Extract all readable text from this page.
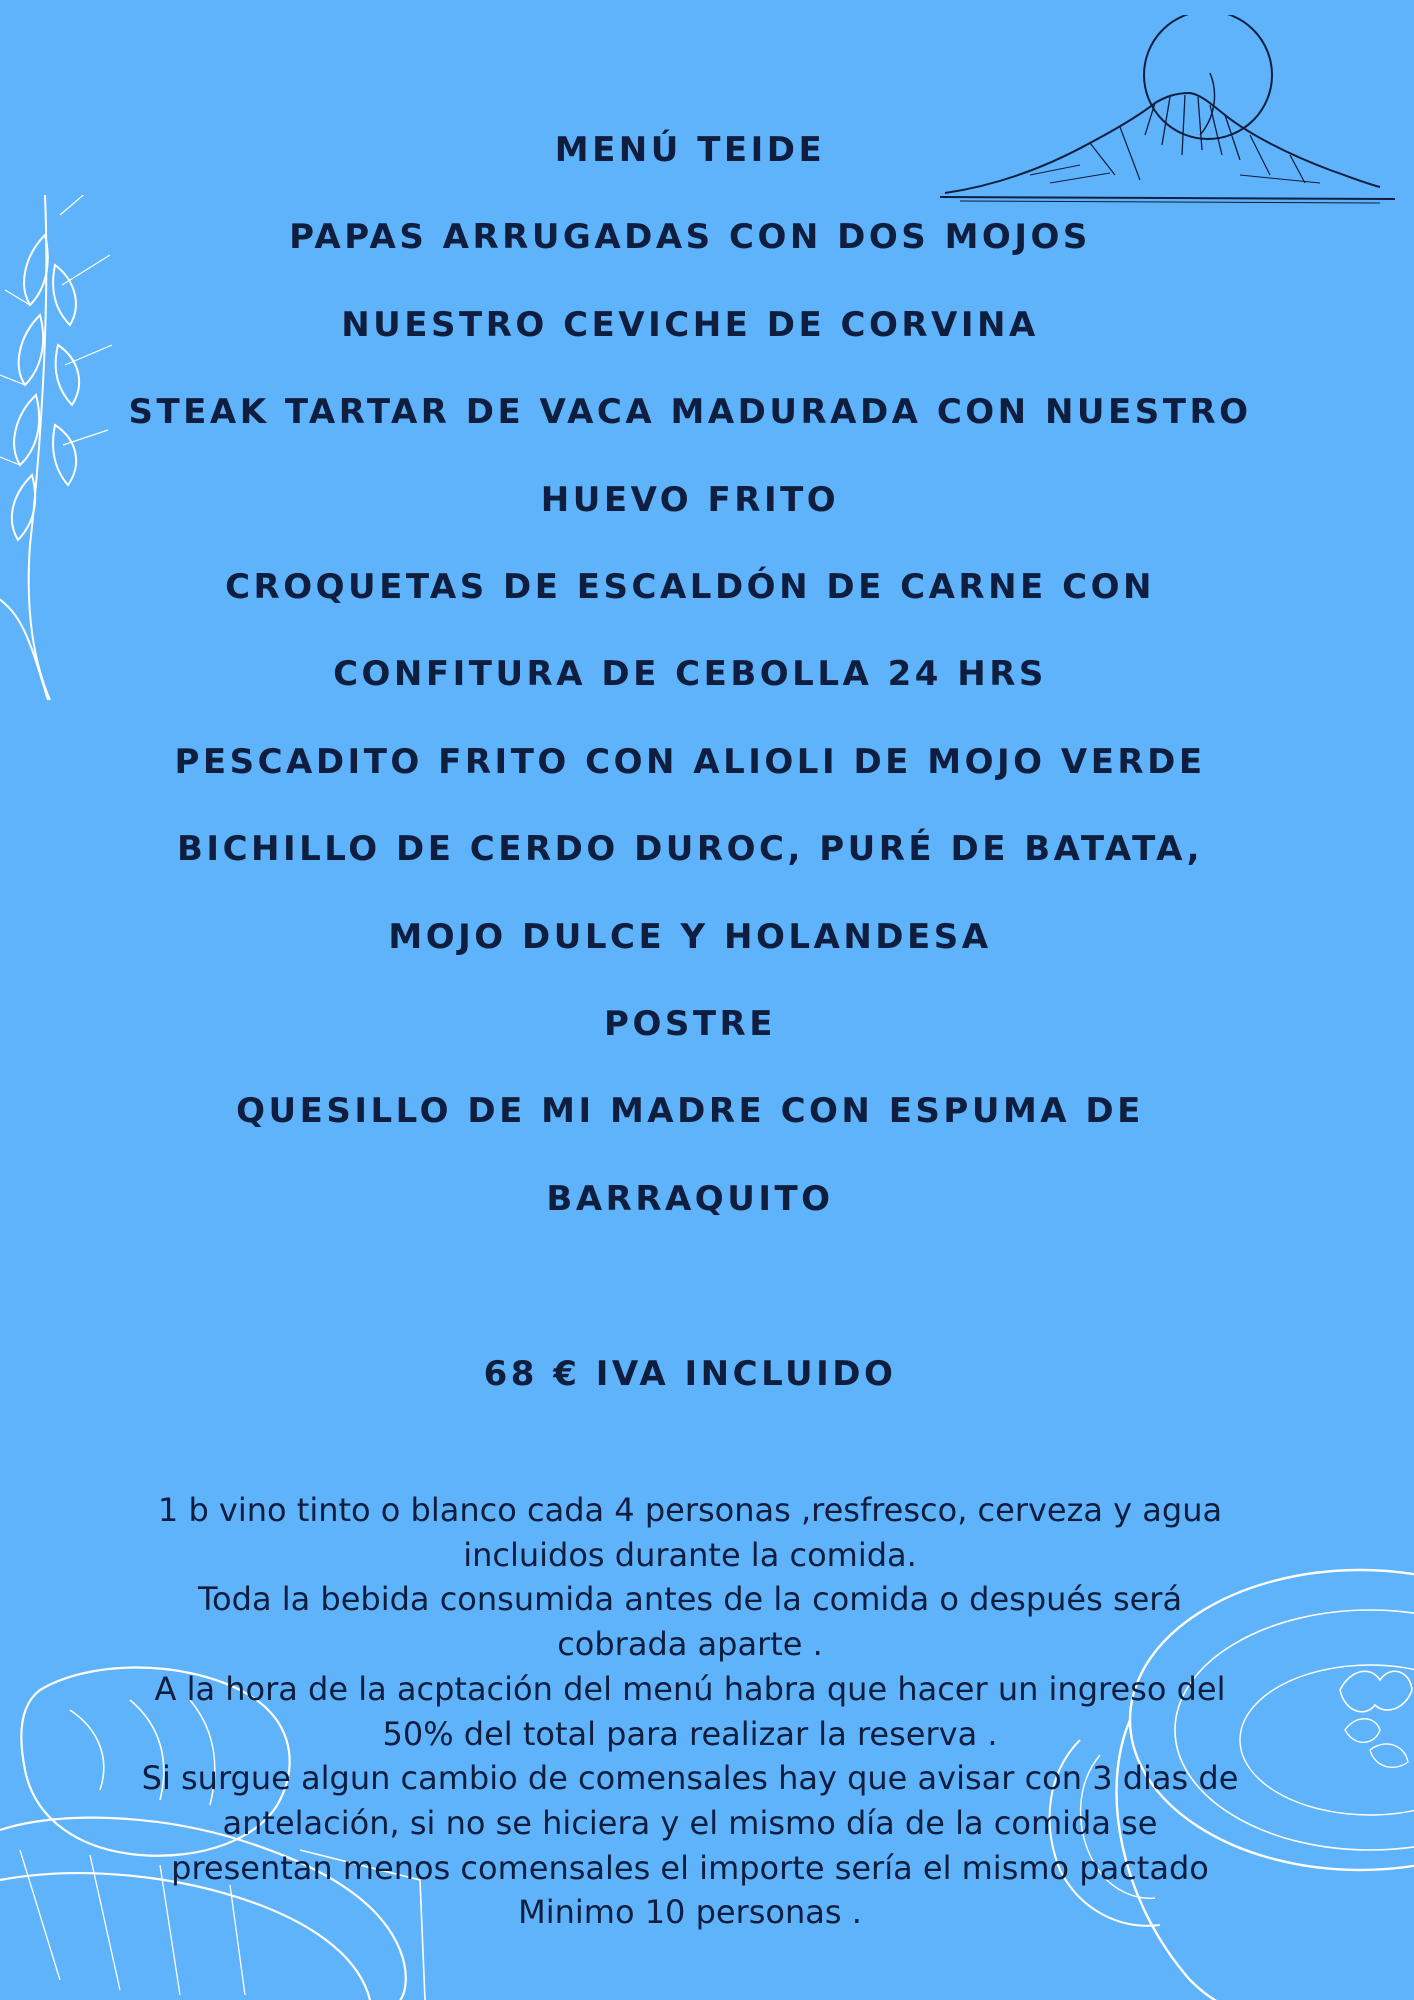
MENÚ TEIDE
PAPAS ARRUGADAS CON DOS MOJOS
NUESTRO CEVICHE DE CORVINA
STEAK TARTAR DE VACA MADURADA CON NUESTRO
HUEVO FRITO
CROQUETAS DE ESCALDÓN DE CARNE CON
CONFITURA DE CEBOLLA 24 HRS
PESCADITO FRITO CON ALIOLI DE MOJO VERDE
BICHILLO DE CERDO DUROC, PURÉ DE BATATA,
MOJO DULCE Y HOLANDESA
POSTRE
QUESILLO DE MI MADRE CON ESPUMA DE
BARRAQUITO
68 € IVA INCLUIDO

1 b vino tinto o blanco cada 4 personas ,resfresco, cerveza y agua incluidos durante la comida.

Toda la bebida consumida antes de la comida o después será cobrada aparte .

A la hora de la acptación del menú habra que hacer un ingreso del 50% del total para realizar la reserva .

Si surgue algun cambio de comensales hay que avisar con 3 dias de antelación, si no se hiciera y el mismo día de la comida se presentan menos comensales el importe sería el mismo pactado

Minimo 10 personas .
